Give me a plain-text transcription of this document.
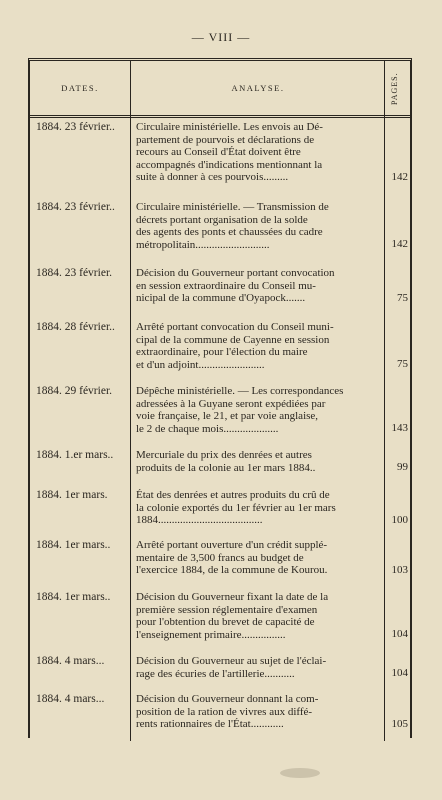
— VIII —
DATES.	ANALYSE.	PAGES.
1884. 23 février..	Circulaire ministérielle. Les envois au Dé-
partement de pourvois et déclarations de
recours au Conseil d'État doivent être
accompagnés d'indications mentionnant la
suite à donner à ces pourvois.........	142
1884. 23 février..	Circulaire ministérielle. — Transmission de
décrets portant organisation de la solde
des agents des ponts et chaussées du cadre
métropolitain...........................	142
1884. 23 février.	Décision du Gouverneur portant convocation
en session extraordinaire du Conseil mu-
nicipal de la commune d'Oyapock.......	75
1884. 28 février..	Arrêté portant convocation du Conseil muni-
cipal de la commune de Cayenne en session
extraordinaire, pour l'élection du maire
et d'un adjoint........................	75
1884. 29 février.	Dépêche ministérielle. — Les correspondances
adressées à la Guyane seront expédiées par
voie française, le 21, et par voie anglaise,
le 2 de chaque mois....................	143
1884. 1.er mars..	Mercuriale du prix des denrées et autres
produits de la colonie au 1er mars 1884..	99
1884. 1er mars.	État des denrées et autres produits du crû de
la colonie exportés du 1er février au 1er mars
1884......................................	100
1884. 1er mars..	Arrêté portant ouverture d'un crédit supplé-
mentaire de 3,500 francs au budget de
l'exercice 1884, de la commune de Kourou.	103
1884. 1er mars..	Décision du Gouverneur fixant la date de la
première session réglementaire d'examen
pour l'obtention du brevet de capacité de
l'enseignement primaire................	104
1884. 4 mars...	Décision du Gouverneur au sujet de l'éclai-
rage des écuries de l'artillerie...........	104
1884. 4 mars...	Décision du Gouverneur donnant la com-
position de la ration de vivres aux diffé-
rents rationnaires de l'État............	105
